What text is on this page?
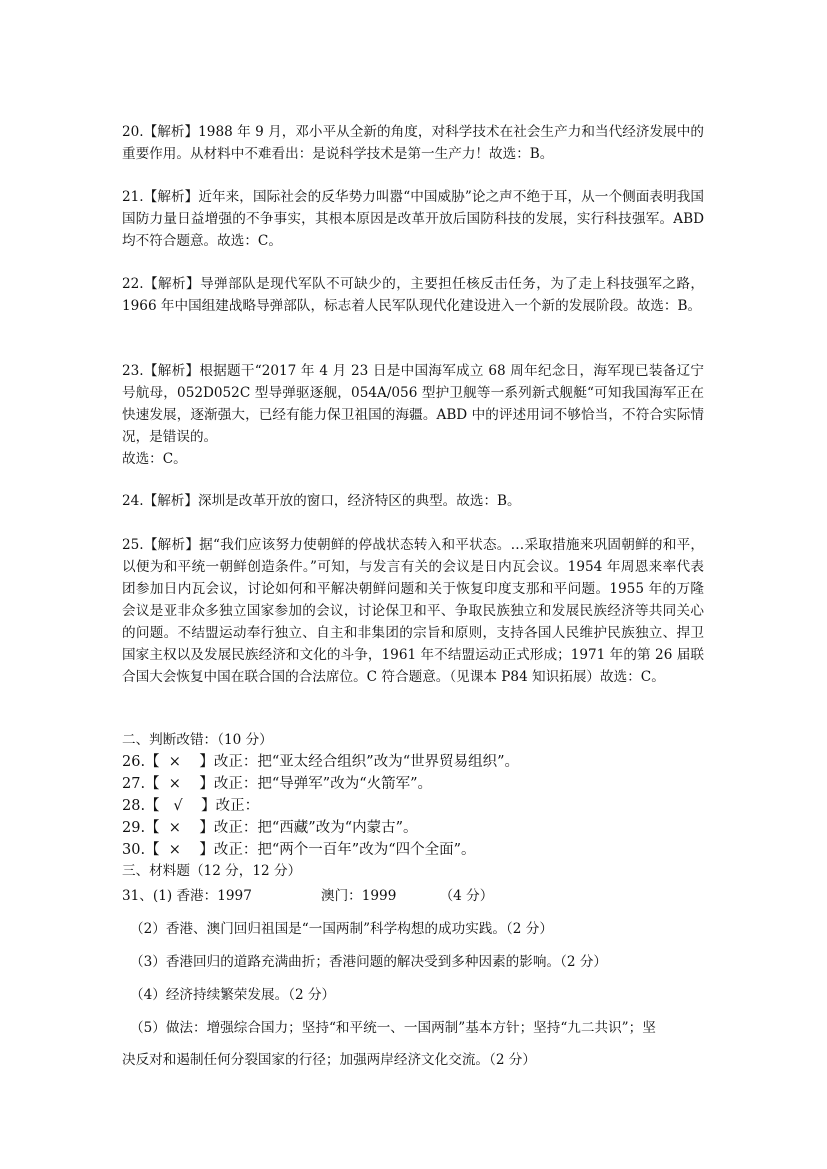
20.【解析】1988 年 9 月，邓小平从全新的角度，对科学技术在社会生产力和当代经济发展中的重要作用。从材料中不难看出：是说科学技术是第一生产力！故选：B。

21.【解析】近年来，国际社会的反华势力叫嚣“中国威胁”论之声不绝于耳，从一个侧面表明我国国防力量日益增强的不争事实，其根本原因是改革开放后国防科技的发展，实行科技强军。ABD 均不符合题意。故选：C。

22.【解析】导弹部队是现代军队不可缺少的，主要担任核反击任务，为了走上科技强军之路，1966 年中国组建战略导弹部队，标志着人民军队现代化建设进入一个新的发展阶段。故选：B。

23.【解析】根据题干“2017 年 4 月 23 日是中国海军成立 68 周年纪念日，海军现已装备辽宁号航母，052D052C 型导弹驱逐舰，054A/056 型护卫舰等一系列新式舰艇“可知我国海军正在快速发展，逐渐强大，已经有能力保卫祖国的海疆。ABD 中的评述用词不够恰当，不符合实际情况，是错误的。

故选：C。

24.【解析】深圳是改革开放的窗口，经济特区的典型。故选：B。

25.【解析】据“我们应该努力使朝鲜的停战状态转入和平状态。…采取措施来巩固朝鲜的和平，以便为和平统一朝鲜创造条件。”可知，与发言有关的会议是日内瓦会议。1954 年周恩来率代表团参加日内瓦会议，讨论如何和平解决朝鲜问题和关于恢复印度支那和平问题。1955 年的万隆会议是亚非众多独立国家参加的会议，讨论保卫和平、争取民族独立和发展民族经济等共同关心的问题。不结盟运动奉行独立、自主和非集团的宗旨和原则，支持各国人民维护民族独立、捍卫国家主权以及发展民族经济和文化的斗争，1961 年不结盟运动正式形成；1971 年的第 26 届联合国大会恢复中国在联合国的合法席位。C 符合题意。（见课本 P84 知识拓展）故选：C。

二、判断改错：（10 分）

26.【  ×    】改正：把“亚太经合组织”改为“世界贸易组织”。

27.【  ×    】改正：把“导弹军”改为“火箭军”。

28.【   √    】改正：

29.【  ×    】改正：把“西藏”改为“内蒙古”。

30.【  ×    】改正：把“两个一百年”改为“四个全面”。

三、材料题（12 分，12 分）

31、(1) 香港：1997                澳门：1999          （4 分）

（2）香港、澳门回归祖国是“一国两制”科学构想的成功实践。（2 分）

（3）香港回归的道路充满曲折；香港问题的解决受到多种因素的影响。（2 分）

（4）经济持续繁荣发展。（2 分）

（5）做法：增强综合国力；坚持“和平统一、一国两制”基本方针；坚持“九二共识”；坚

决反对和遏制任何分裂国家的行径；加强两岸经济文化交流。（2 分）
